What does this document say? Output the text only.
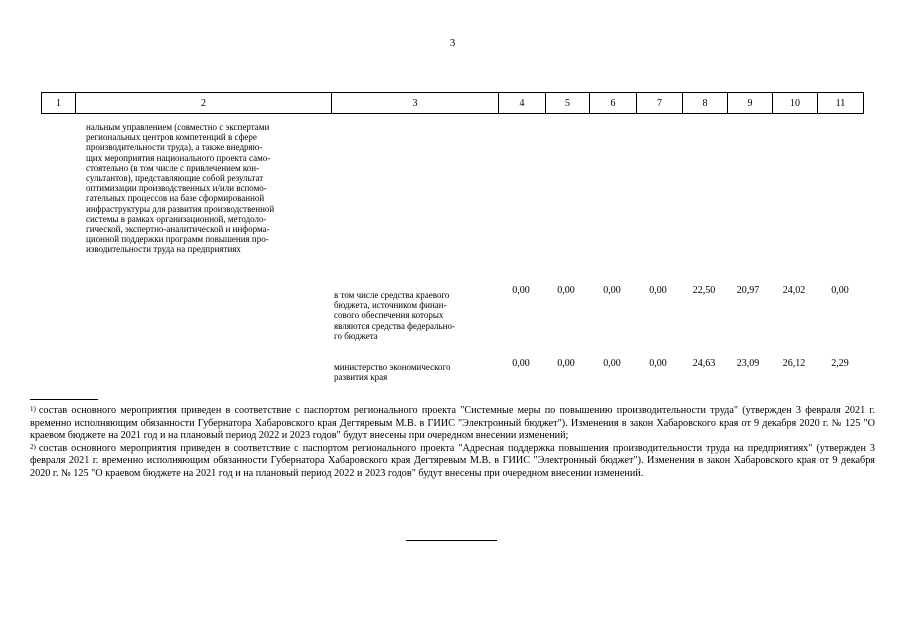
3
1	2	3	4	5	6	7	8	9	10	11
нальным управлением (совместно с экспертами
региональных центров компетенций в сфере
производительности труда), а также внедряю-
щих мероприятия национального проекта само-
стоятельно (в том числе с привлечением кон-
сультантов), представляющие собой результат
оптимизации производственных и/или вспомо-
гательных процессов на базе сформированной
инфраструктуры для развития производственной
системы в рамках организационной, методоло-
гической, экспертно-аналитической и информа-
ционной поддержки программ повышения про-
изводительности труда на предприятиях
в том числе средства краевого
бюджета, источником финан-
сового обеспечения которых
являются средства федерально-
го бюджета
0,00	0,00	0,00	0,00	22,50	20,97	24,02	0,00
министерство экономического
развития края
0,00	0,00	0,00	0,00	24,63	23,09	26,12	2,29

$^{1)}$ состав основного мероприятия приведен в соответствие с паспортом регионального проекта "Системные меры по повышению производительности труда" (утвержден 3 февраля 2021 г. временно исполняющим обязанности Губернатора Хабаровского края Дегтяревым М.В. в ГИИС "Электронный бюджет"). Изменения в закон Хабаровского края от 9 декабря 2020 г. № 125 "О краевом бюджете на 2021 год и на плановый период 2022 и 2023 годов" будут внесены при очередном внесении изменений;

$^{2)}$ состав основного мероприятия приведен в соответствие с паспортом регионального проекта "Адресная поддержка повышения производительности труда на предприятиях" (утвержден 3 февраля 2021 г. временно исполняющим обязанности Губернатора Хабаровского края Дегтяревым М.В. в ГИИС "Электронный бюджет"). Изменения в закон Хабаровского края от 9 декабря 2020 г. № 125 "О краевом бюджете на 2021 год и на плановый период 2022 и 2023 годов" будут внесены при очередном внесении изменений.
